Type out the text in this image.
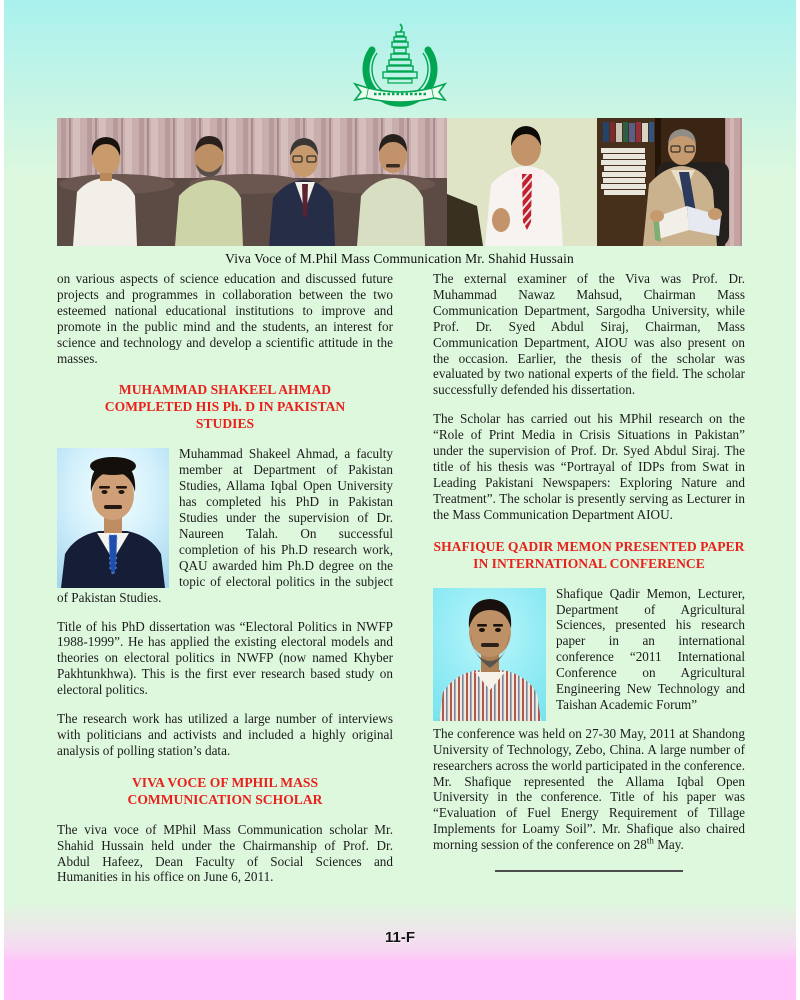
Viva Voce of M.Phil Mass Communication Mr. Shahid Hussain

on various aspects of science education and discussed future projects and programmes in collaboration between the two esteemed national educational institutions to improve and promote in the public mind and the students, an interest for science and technology and develop a scientific attitude in the masses.

MUHAMMAD SHAKEEL AHMAD COMPLETED HIS Ph. D IN PAKISTAN STUDIES

Muhammad Shakeel Ahmad, a faculty member at Department of Pakistan Studies, Allama Iqbal Open University has completed his PhD in Pakistan Studies under the supervision of Dr. Naureen Talah. On successful completion of his Ph.D research work, QAU awarded him Ph.D degree on the topic of electoral politics in the subject of Pakistan Studies.

Title of his PhD dissertation was “Electoral Politics in NWFP 1988-1999”. He has applied the existing electoral models and theories on electoral politics in NWFP (now named Khyber Pakhtunkhwa). This is the first ever research based study on electoral politics.

The research work has utilized a large number of interviews with politicians and activists and included a highly original analysis of polling station’s data.

VIVA VOCE OF MPHIL MASS COMMUNICATION SCHOLAR

The viva voce of MPhil Mass Communication scholar Mr. Shahid Hussain held under the Chairmanship of Prof. Dr. Abdul Hafeez, Dean Faculty of Social Sciences and Humanities in his office on June 6, 2011.

The external examiner of the Viva was Prof. Dr. Muhammad Nawaz Mahsud, Chairman Mass Communication Department, Sargodha University, while Prof. Dr. Syed Abdul Siraj, Chairman, Mass Communication Department, AIOU was also present on the occasion. Earlier, the thesis of the scholar was evaluated by two national experts of the field. The scholar successfully defended his dissertation.

The Scholar has carried out his MPhil research on the “Role of Print Media in Crisis Situations in Pakistan” under the supervision of Prof. Dr. Syed Abdul Siraj. The title of his thesis was “Portrayal of IDPs from Swat in Leading Pakistani Newspapers: Exploring Nature and Treatment”. The scholar is presently serving as Lecturer in the Mass Communication Department AIOU.

SHAFIQUE QADIR MEMON PRESENTED PAPER IN INTERNATIONAL CONFERENCE

Shafique Qadir Memon, Lecturer, Department of Agricultural Sciences, presented his research paper in an international conference “2011 International Conference on Agricultural Engineering New Technology and Taishan Academic Forum”

The conference was held on 27-30 May, 2011 at Shandong University of Technology, Zebo, China. A large number of researchers across the world participated in the conference. Mr. Shafique represented the Allama Iqbal Open University in the conference. Title of his paper was “Evaluation of Fuel Energy Requirement of Tillage Implements for Loamy Soil”. Mr. Shafique also chaired morning session of the conference on 28th May.

11-F
